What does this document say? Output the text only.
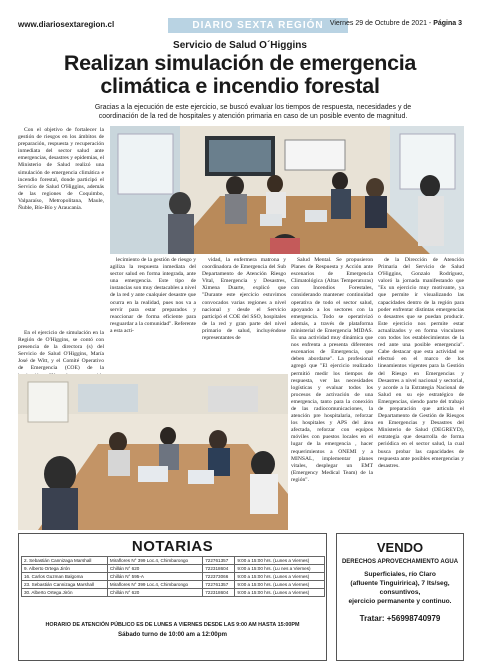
www.diariosextaregion.cl	DIARIO SEXTA REGIÓN Viernes 29 de Octubre de 2021 - Página 3
Servicio de Salud O´Higgins
Realizan simulación de emergencia climática e incendio forestal
Gracias a la ejecución de este ejercicio, se buscó evaluar los tiempos de respuesta, necesidades y de coordinación de la red de hospitales y atención primaria en caso de un posible evento de magnitud.

Con el objetivo de fortalecer la gestión de riesgos en los ámbitos de preparación, respuesta y recuperación inmediata del sector salud ante emergencias, desastres y epidemias, el Ministerio de Salud realizó una simulación de emergencia climática e incendio forestal, donde participó el Servicio de Salud O'Higgins, además de las regiones de Coquimbo, Valparaíso, Metropolitana, Maule, Ñuble, Bío-Bío y Araucanía.

En el ejercicio de simulación en la Región de O'Higgins, se contó con presencia de la directora (s) del Servicio de Salud O'Higgins, María José de Witt, y el Comité Operativo de Emergencia (COE) de la

lecimiento de la gestión de riesgo y agiliza la respuesta inmediata del sector salud en forma integrada, ante una emergencia. Este tipo de instancias son muy destacables a nivel de la red y ante cualquier desastre que ocurra en la realidad, pues nos va a servir para estar preparados y reaccionar de forma eficiente para resguardar a la comunidad". Referente a esta acti-

vidad, la enfermera matrona y coordinadora de Emergencia del Sub Departamento de Atención Riesgo Vital, Emergencia y Desastres, Ximena Duarte, explicó que "Durante este ejercicio estuvimos convocados varias regiones a nivel nacional y desde el Servicio participó el COE del SSO, hospitales de la red y gran parte del nivel primario de salud, incluyéndose representantes de

Salud Mental. Se propusieron Planes de Respuesta y Acción ante escenarios de Emergencia Climatológica (Altas Temperaturas) con Incendios Forestales, considerando mantener continuidad operativa de todo el sector salud, apoyando a los sectores con la emergencia. Todo se operativizó además, a través de plataforma ministerial de Emergencia MIDAS. Es una actividad muy dinámica que nos enfrenta a presenta diferentes escenarios de Emergencia, que deben abordarse". La profesional agregó que "El ejercicio realizado permitió medir los tiempos de respuesta, ver las necesidades logísticas y evaluar todos los procesos de activación de una emergencia, tanto para la conexión de las radiocomunicaciones, la atención pre hospitalaria, reforzar los hospitales y APS del área afectada, reforzar con equipos móviles con puestos locales en el lugar de la emergencia , hacer requerimientos a ONEMI y a MINSAL, implementar planes vitales, desplegar un EMT (Emergency Medical Team) de la región".

de la Dirección de Atención Primaria del Servicio de Salud O'Higgins, Gonzalo Rodríguez, valoró la jornada manifestando que "Es un ejercicio muy motivante, ya que permite ir visualizando las capacidades dentro de la región para poder enfrentar distintas emergencias o desastres que se puedan producir. Este ejercicio nos permite estar actualizados y en forma vinculares con todos los establecimientos de la red ante una posible emergencia". Cabe destacar que esta actividad se efectuó en el marco de los lineamientos vigentes para la Gestión del Riesgo en Emergencias y Desastres a nivel nacional y sectorial, y acorde a la Estrategia Nacional de Salud en su eje estratégico de Emergencias, siendo parte del trabajo de preparación que articula el Departamento de Gestión de Riesgos en Emergencias y Desastres del Ministerio de Salud (DEGREYD), estrategia que desarrolla de forma periódica en el sector salud, la cual busca probar las capacidades de respuesta ante posibles emergencias y desastres.

NOTARIAS
2. Sebastián Cannizaga Marshall	Miraflores N° 399 Loc.4, Chimbarongo	722761357	9:00 a 15:00 hrs. (Lunes a Viernes)
9. Alberto Ortega Jirón	Chillán N° 620	722318604	9:00 a 15:00 hrs. (Lu nes a Viernes)
16. Carlos Guzman Balgoma	Chillán N° 595-A	722373066	9:00 a 15:00 hrs. (Lunes a Viernes)
23. Sebastián Cannizaga Marshall	Miraflores N° 399 Loc.4, Chimbarongo	722761357	9:00 a 15:00 hrs. (Lunes a Viernes)
30. Alberto Ortega Jirón	Chillán N° 620	722318604	9:00 a 15:00 hrs. (Lunes a Viernes)
HORARIO DE ATENCIÓN PÚBLICO ES DE LUNES A VIERNES DESDE LAS 9:00 AM HASTA 15:00PM
Sábado turno de 10:00 am a 12:00pm
VENDO
DERECHOS APROVECHAMIENTO AGUA
Superficiales, río Claro
(afluente Tinguiririca), 7 lts/seg,
consuntivos,
ejercicio permanente y continuo.
Tratar: +56998740979
